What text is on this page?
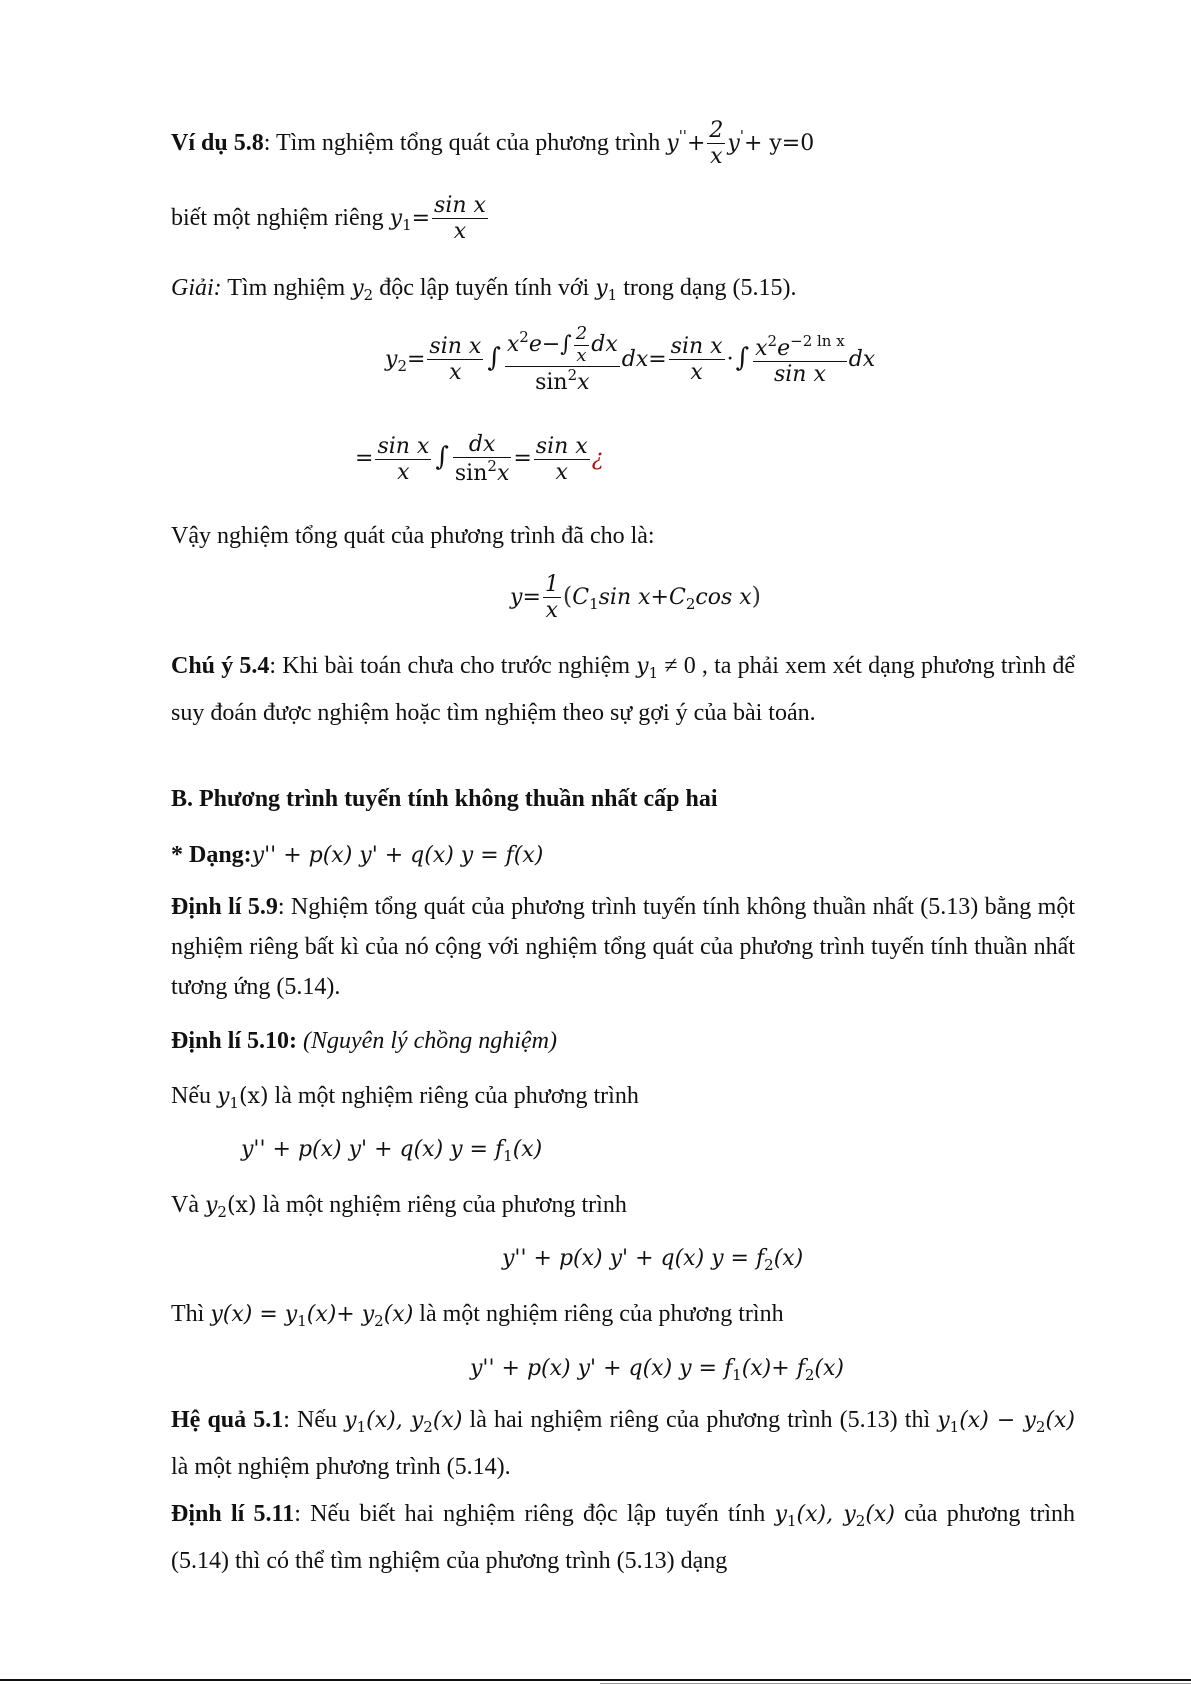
Ví dụ 5.8: Tìm nghiệm tổng quát của phương trình $y''+ \frac{2}{x} y'+ y=0$
biết một nghiệm riêng $y_1= \frac{\text{sin x}}{x}$
Giải: Tìm nghiệm $y_2$ độc lập tuyến tính với $y_1$ trong dạng (5.15).
$y_2= \frac{\text{sin x}}{x}$ ∫ $\frac{x^2e-\int \frac{2}{x} dx}{\sin^2x} dx= \frac{\text{sin x}}{x}$ ·∫ $\frac{x^2e^{-2 ln x}}{\text{sin x}}$ dx
= $\frac{\text{sin x}}{x}$ ∫ $\frac{dx}{\sin^2x} = \frac{\text{sin x}}{x}$ ¿
Vậy nghiệm tổng quát của phương trình đã cho là:
$y= \frac{1}{x} (C_1\sin$ $x+C_2\cos$ x)
Chú ý 5.4: Khi bài toán chưa cho trước nghiệm $y_1 \ne 0$ , ta phải xem xét dạng phương trình để suy đoán được nghiệm hoặc tìm nghiệm theo sự gợi ý của bài toán.
B. Phương trình tuyến tính không thuần nhất cấp hai
* Dạng:y'' + p(x) y' + q(x) y = f(x)
Định lí 5.9: Nghiệm tổng quát của phương trình tuyến tính không thuần nhất (5.13) bằng một nghiệm riêng bất kì của nó cộng với nghiệm tổng quát của phương trình tuyến tính thuần nhất tương ứng (5.14).
Định lí 5.10: (Nguyên lý chồng nghiệm)
Nếu $y_1(x)$ là một nghiệm riêng của phương trình
y'' + p(x) y' + q(x) $y = f_1(x)$
Và $y_2(x)$ là một nghiệm riêng của phương trình
y'' + p(x) y' + q(x) $y = f_2(x)$
Thì $y(x) = y_1(x)+ y_2(x)$ là một nghiệm riêng của phương trình
y'' + p(x) y' + q(x) $y = f_1(x)+ f_2(x)$
Hệ quả 5.1: Nếu $y_1(x)$, $y_2(x)$ là hai nghiệm riêng của phương trình (5.13) thì $y_1(x) - y_2(x)$ là một nghiệm phương trình (5.14).
Định lí 5.11: Nếu biết hai nghiệm riêng độc lập tuyến tính $y_1(x)$, $y_2(x)$ của phương trình (5.14) thì có thể tìm nghiệm của phương trình (5.13) dạng
